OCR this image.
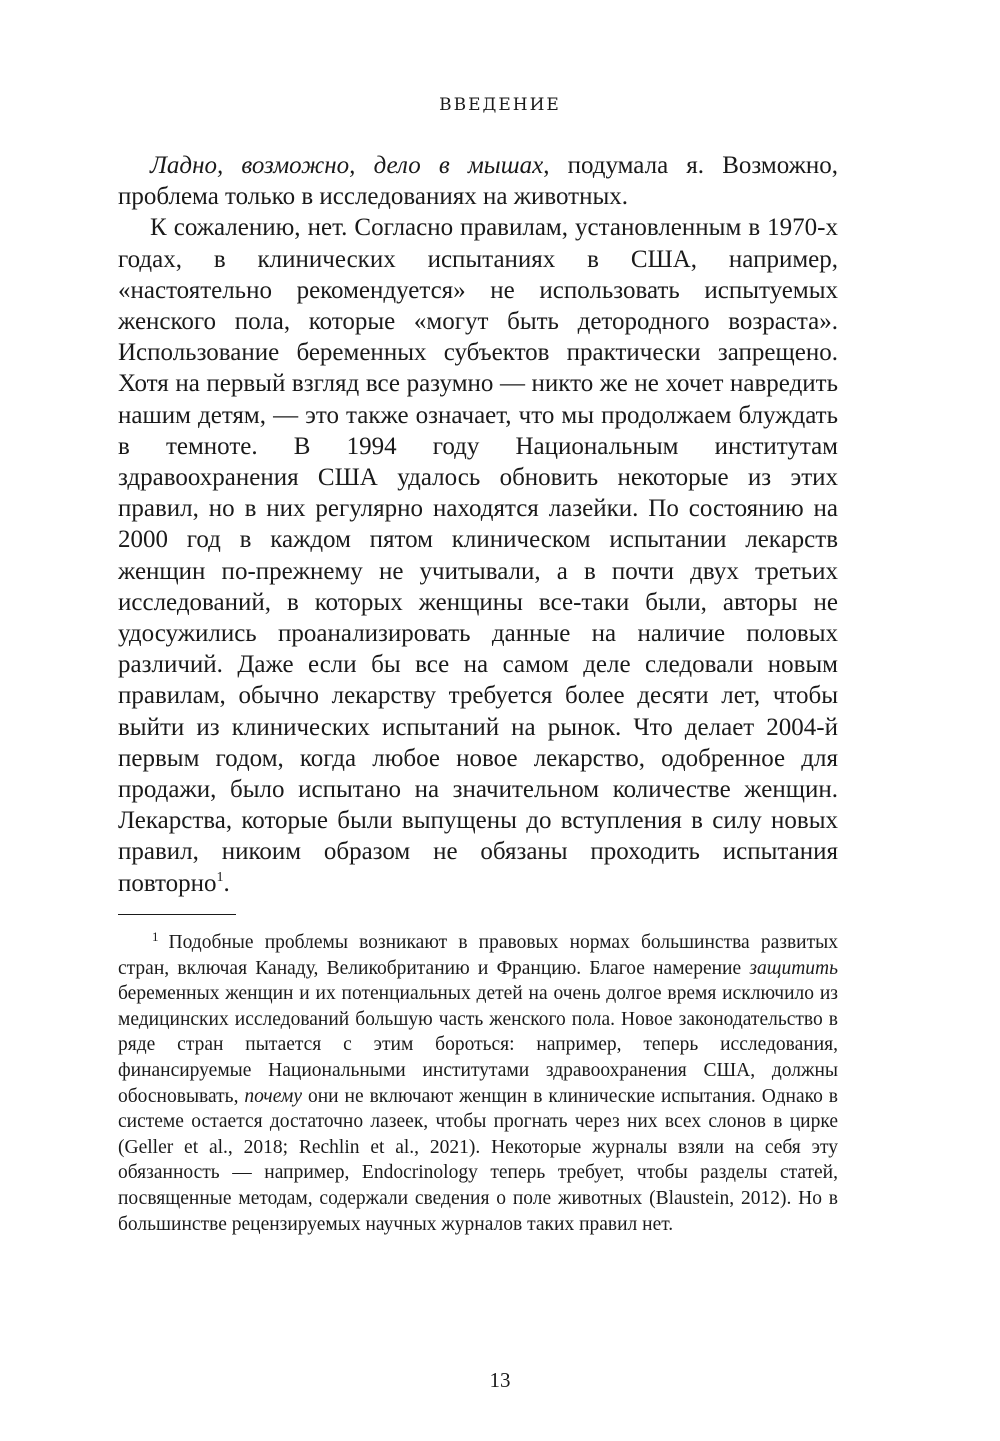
ВВЕДЕНИЕ

Ладно, возможно, дело в мышах, подумала я. Возможно, проблема только в исследованиях на животных.

К сожалению, нет. Согласно правилам, установленным в 1970-х годах, в клинических испытаниях в США, например, «настоятельно рекомендуется» не использовать испытуемых женского пола, которые «могут быть детородного возраста». Использование беременных субъектов практически запрещено. Хотя на первый взгляд все разумно — никто же не хочет навредить нашим детям, — это также означает, что мы продолжаем блуждать в темноте. В 1994 году Национальным институтам здравоохранения США удалось обновить некоторые из этих правил, но в них регулярно находятся лазейки. По состоянию на 2000 год в каждом пятом клиническом испытании лекарств женщин по-прежнему не учитывали, а в почти двух третьих исследований, в которых женщины все-таки были, авторы не удосужились проанализировать данные на наличие половых различий. Даже если бы все на самом деле следовали новым правилам, обычно лекарству требуется более десяти лет, чтобы выйти из клинических испытаний на рынок. Что делает 2004-й первым годом, когда любое новое лекарство, одобренное для продажи, было испытано на значительном количестве женщин. Лекарства, которые были выпущены до вступления в силу новых правил, никоим образом не обязаны проходить испытания повторно$^1$.

$^1$ Подобные проблемы возникают в правовых нормах большинства развитых стран, включая Канаду, Великобританию и Францию. Благое намерение защитить беременных женщин и их потенциальных детей на очень долгое время исключило из медицинских исследований большую часть женского пола. Новое законодательство в ряде стран пытается с этим бороться: например, теперь исследования, финансируемые Национальными институтами здравоохранения США, должны обосновывать, почему они не включают женщин в клинические испытания. Однако в системе остается достаточно лазеек, чтобы прогнать через них всех слонов в цирке (Geller et al., 2018; Rechlin et al., 2021). Некоторые журналы взяли на себя эту обязанность — например, Endocrinology теперь требует, чтобы разделы статей, посвященные методам, содержали сведения о поле животных (Blaustein, 2012). Но в большинстве рецензируемых научных журналов таких правил нет.

13
